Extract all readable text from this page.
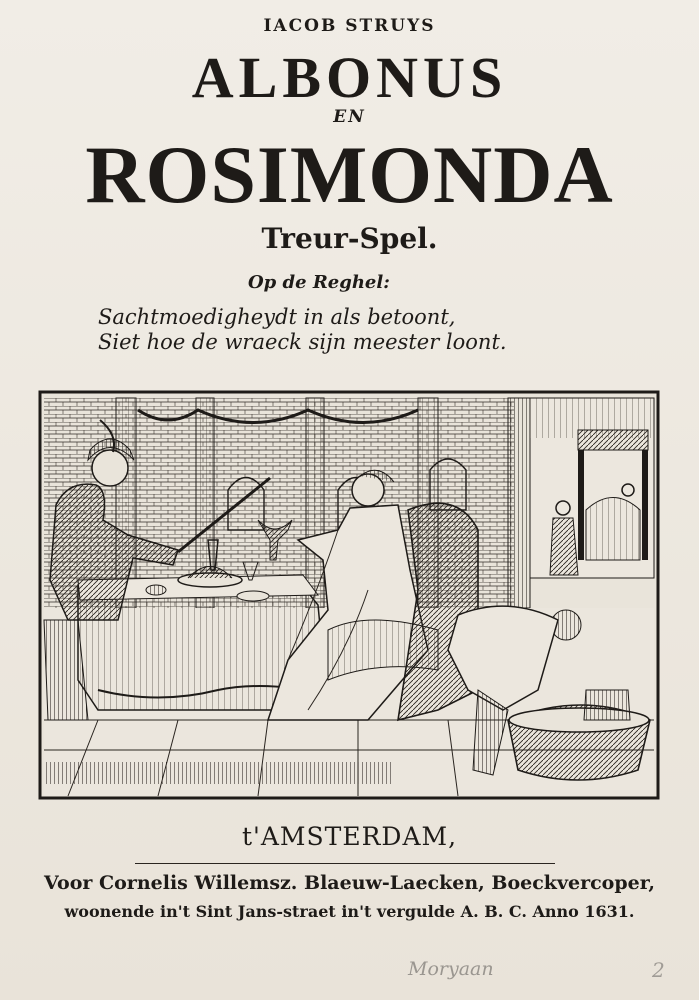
IACOB STRUYS
ALBONUS
EN
ROSIMONDA
Treur-Spel.
Op de Reghel:
Sachtmoedigheydt in als betoont,
Siet hoe de wraeck sijn meester loont.
t'AMSTERDAM,
Voor Cornelis Willemsz. Blaeuw-Laecken, Boeckvercoper,
woonende in't Sint Jans-straet in't vergulde A. B. C. Anno 1631.
Moryaan	2
